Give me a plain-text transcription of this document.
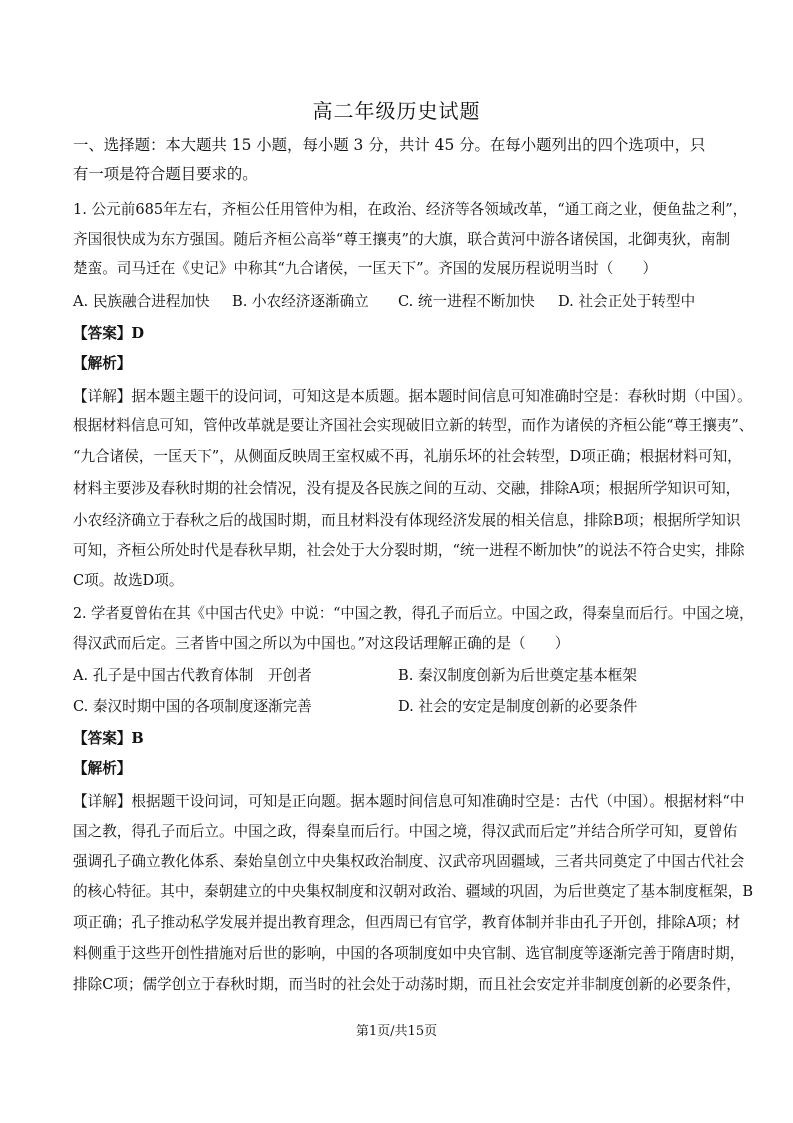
高二年级历史试题
一、选择题：本大题共 15 小题，每小题 3 分，共计 45 分。在每小题列出的四个选项中，只
有一项是符合题目要求的。
1. 公元前685年左右，齐桓公任用管仲为相，在政治、经济等各领域改革，“通工商之业，便鱼盐之利”，
齐国很快成为东方强国。随后齐桓公高举“尊王攘夷”的大旗，联合黄河中游各诸侯国，北御夷狄，南制
楚蛮。司马迁在《史记》中称其“九合诸侯，一匡天下”。齐国的发展历程说明当时（　　）
A. 民族融合进程加快 B. 小农经济逐渐确立 C. 统一进程不断加快 D. 社会正处于转型中
【答案】D
【解析】
【详解】据本题主题干的设问词，可知这是本质题。据本题时间信息可知准确时空是：春秋时期（中国）。
根据材料信息可知，管仲改革就是要让齐国社会实现破旧立新的转型，而作为诸侯的齐桓公能“尊王攘夷”、
“九合诸侯，一匡天下”，从侧面反映周王室权威不再，礼崩乐坏的社会转型，D项正确；根据材料可知，
材料主要涉及春秋时期的社会情况，没有提及各民族之间的互动、交融，排除A项；根据所学知识可知，
小农经济确立于春秋之后的战国时期，而且材料没有体现经济发展的相关信息，排除B项；根据所学知识
可知，齐桓公所处时代是春秋早期，社会处于大分裂时期，“统一进程不断加快”的说法不符合史实，排除
C项。故选D项。
2. 学者夏曾佑在其《中国古代史》中说：“中国之教，得孔子而后立。中国之政，得秦皇而后行。中国之境，
得汉武而后定。三者皆中国之所以为中国也。”对这段话理解正确的是（　　）
A. 孔子是中国古代教育体制　开创者	B. 秦汉制度创新为后世奠定基本框架
C. 秦汉时期中国的各项制度逐渐完善	D. 社会的安定是制度创新的必要条件
【答案】B
【解析】
【详解】根据题干设问词，可知是正向题。据本题时间信息可知准确时空是：古代（中国）。根据材料“中
国之教，得孔子而后立。中国之政，得秦皇而后行。中国之境，得汉武而后定”并结合所学可知，夏曾佑
强调孔子确立教化体系、秦始皇创立中央集权政治制度、汉武帝巩固疆域，三者共同奠定了中国古代社会
的核心特征。其中，秦朝建立的中央集权制度和汉朝对政治、疆域的巩固，为后世奠定了基本制度框架，B
项正确；孔子推动私学发展并提出教育理念，但西周已有官学，教育体制并非由孔子开创，排除A项；材
料侧重于这些开创性措施对后世的影响，中国的各项制度如中央官制、选官制度等逐渐完善于隋唐时期，
排除C项；儒学创立于春秋时期，而当时的社会处于动荡时期，而且社会安定并非制度创新的必要条件，
第1页/共15页
